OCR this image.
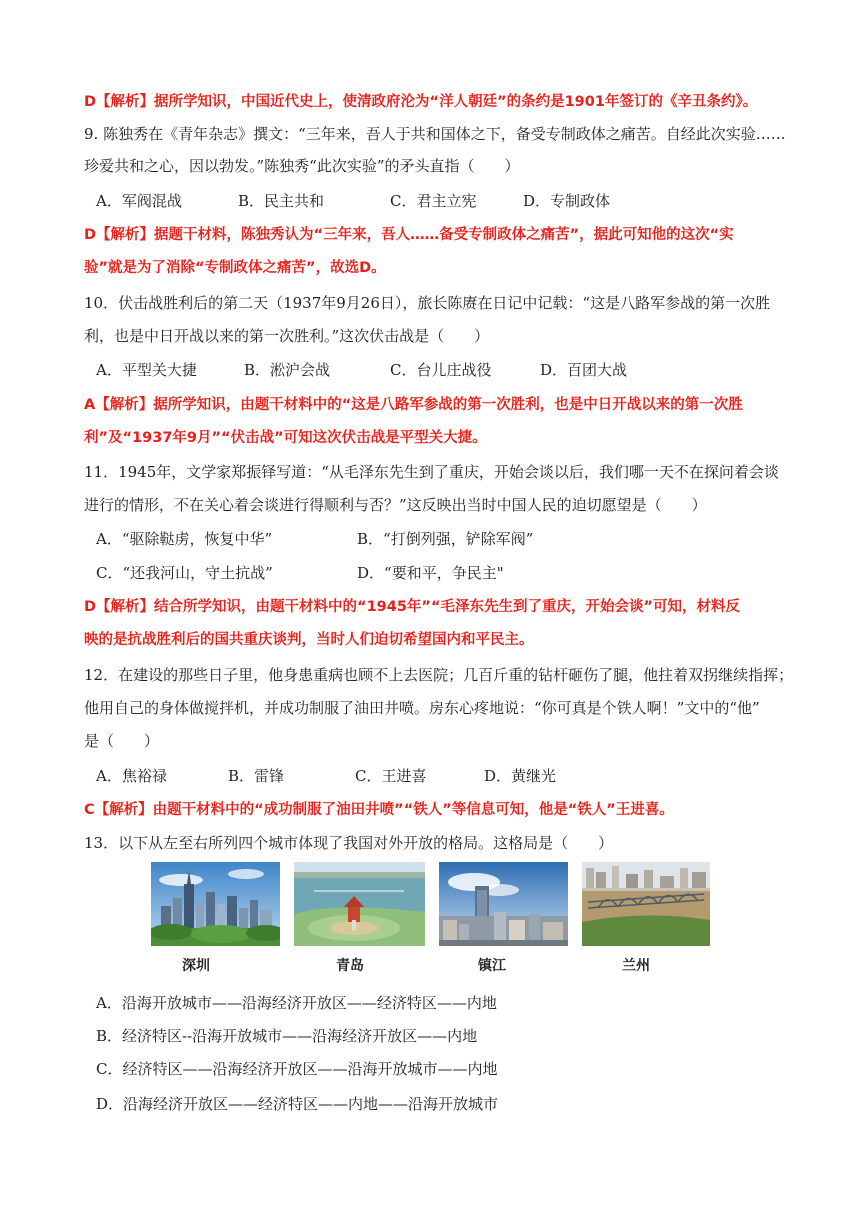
D【解析】据所学知识，中国近代史上，使清政府沦为“洋人朝廷”的条约是1901年签订的《辛丑条约》。
9. 陈独秀在《青年杂志》撰文：“三年来，吾人于共和国体之下，备受专制政体之痛苦。自经此次实验……
珍爱共和之心，因以勃发。”陈独秀“此次实验”的矛头直指（　　）
A．军阀混战	B．民主共和	C．君主立宪	D．专制政体
D【解析】据题干材料，陈独秀认为“三年来，吾人……备受专制政体之痛苦”，据此可知他的这次“实
验”就是为了消除“专制政体之痛苦”，故选D。
10．伏击战胜利后的第二天（1937年9月26日），旅长陈赓在日记中记载：“这是八路军参战的第一次胜
利，也是中日开战以来的第一次胜利。”这次伏击战是（　　）
A．平型关大捷	B．淞沪会战	C．台儿庄战役	D．百团大战
A【解析】据所学知识，由题干材料中的“这是八路军参战的第一次胜利，也是中日开战以来的第一次胜
利”及“1937年9月”“伏击战”可知这次伏击战是平型关大捷。
11．1945年，文学家郑振铎写道：“从毛泽东先生到了重庆，开始会谈以后，我们哪一天不在探问着会谈
进行的情形，不在关心着会谈进行得顺利与否？”这反映出当时中国人民的迫切愿望是（　　）
A．“驱除鞑虏，恢复中华”	B．“打倒列强，铲除军阀”
C．“还我河山，守土抗战”	D．“要和平，争民主"
D【解析】结合所学知识，由题干材料中的“1945年”“毛泽东先生到了重庆，开始会谈”可知，材料反
映的是抗战胜利后的国共重庆谈判，当时人们迫切希望国内和平民主。
12．在建设的那些日子里，他身患重病也顾不上去医院；几百斤重的钻杆砸伤了腿，他拄着双拐继续指挥；
他用自己的身体做搅拌机，并成功制服了油田井喷。房东心疼地说：“你可真是个铁人啊！”文中的“他”
是（　　）
A．焦裕禄	B．雷锋	C．王进喜	D．黄继光
C【解析】由题干材料中的“成功制服了油田井喷”“铁人”等信息可知，他是“铁人”王进喜。
13．以下从左至右所列四个城市体现了我国对外开放的格局。这格局是（　　）
深圳	青岛	镇江	兰州
A．沿海开放城市——沿海经济开放区——经济特区——内地
B．经济特区--沿海开放城市——沿海经济开放区——内地
C．经济特区——沿海经济开放区——沿海开放城市——内地
D．沿海经济开放区——经济特区——内地——沿海开放城市
